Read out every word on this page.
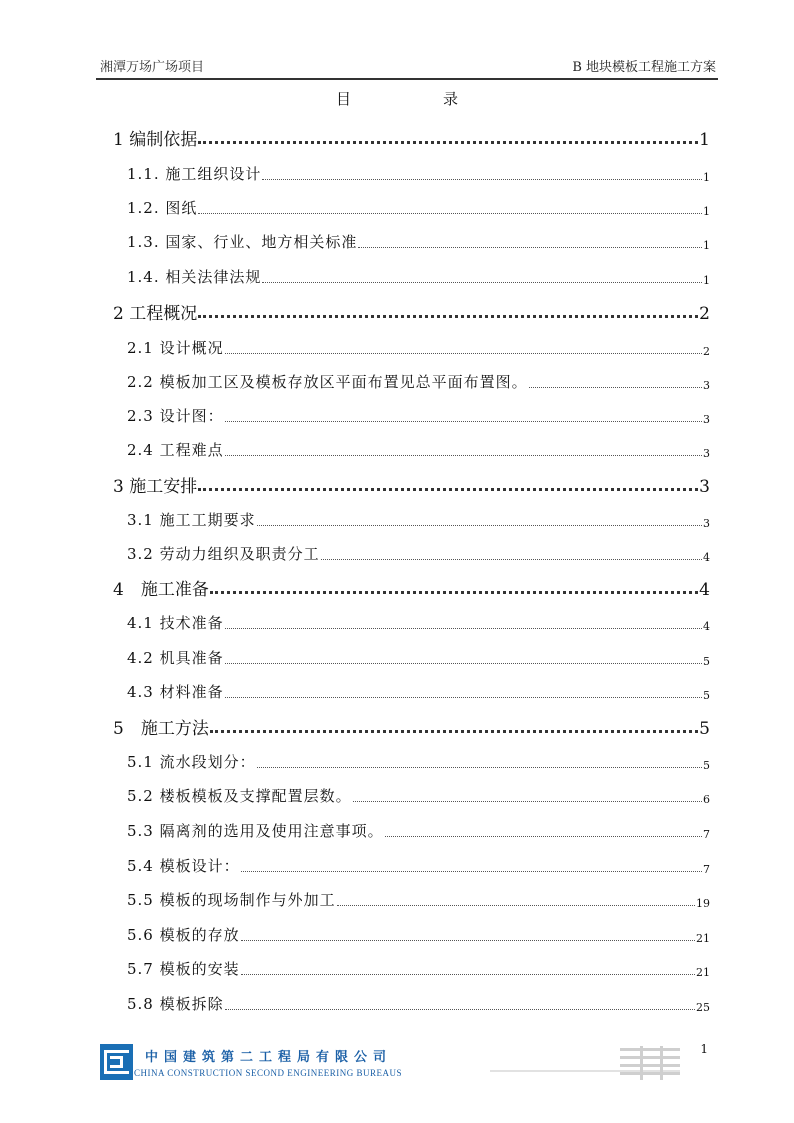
湘潭万场广场项目	B 地块模板工程施工方案
目	录
1 编制依据	1
1.1. 施工组织设计	1
1.2. 图纸	1
1.3. 国家、行业、地方相关标准	1
1.4. 相关法律法规	1
2 工程概况	2
2.1 设计概况	2
2.2 模板加工区及模板存放区平面布置见总平面布置图。	3
2.3 设计图：	3
2.4 工程难点	3
3 施工安排	3
3.1 施工工期要求	3
3.2 劳动力组织及职责分工	4
4　施工准备	4
4.1 技术准备	4
4.2 机具准备	5
4.3 材料准备	5
5　施工方法	5
5.1 流水段划分：	5
5.2 楼板模板及支撑配置层数。	6
5.3 隔离剂的选用及使用注意事项。	7
5.4 模板设计：	7
5.5 模板的现场制作与外加工	19
5.6 模板的存放	21
5.7 模板的安装	21
5.8 模板拆除	25
中国建筑第二工程局有限公司
CHINA CONSTRUCTION SECOND ENGINEERING BUREAUS
1
